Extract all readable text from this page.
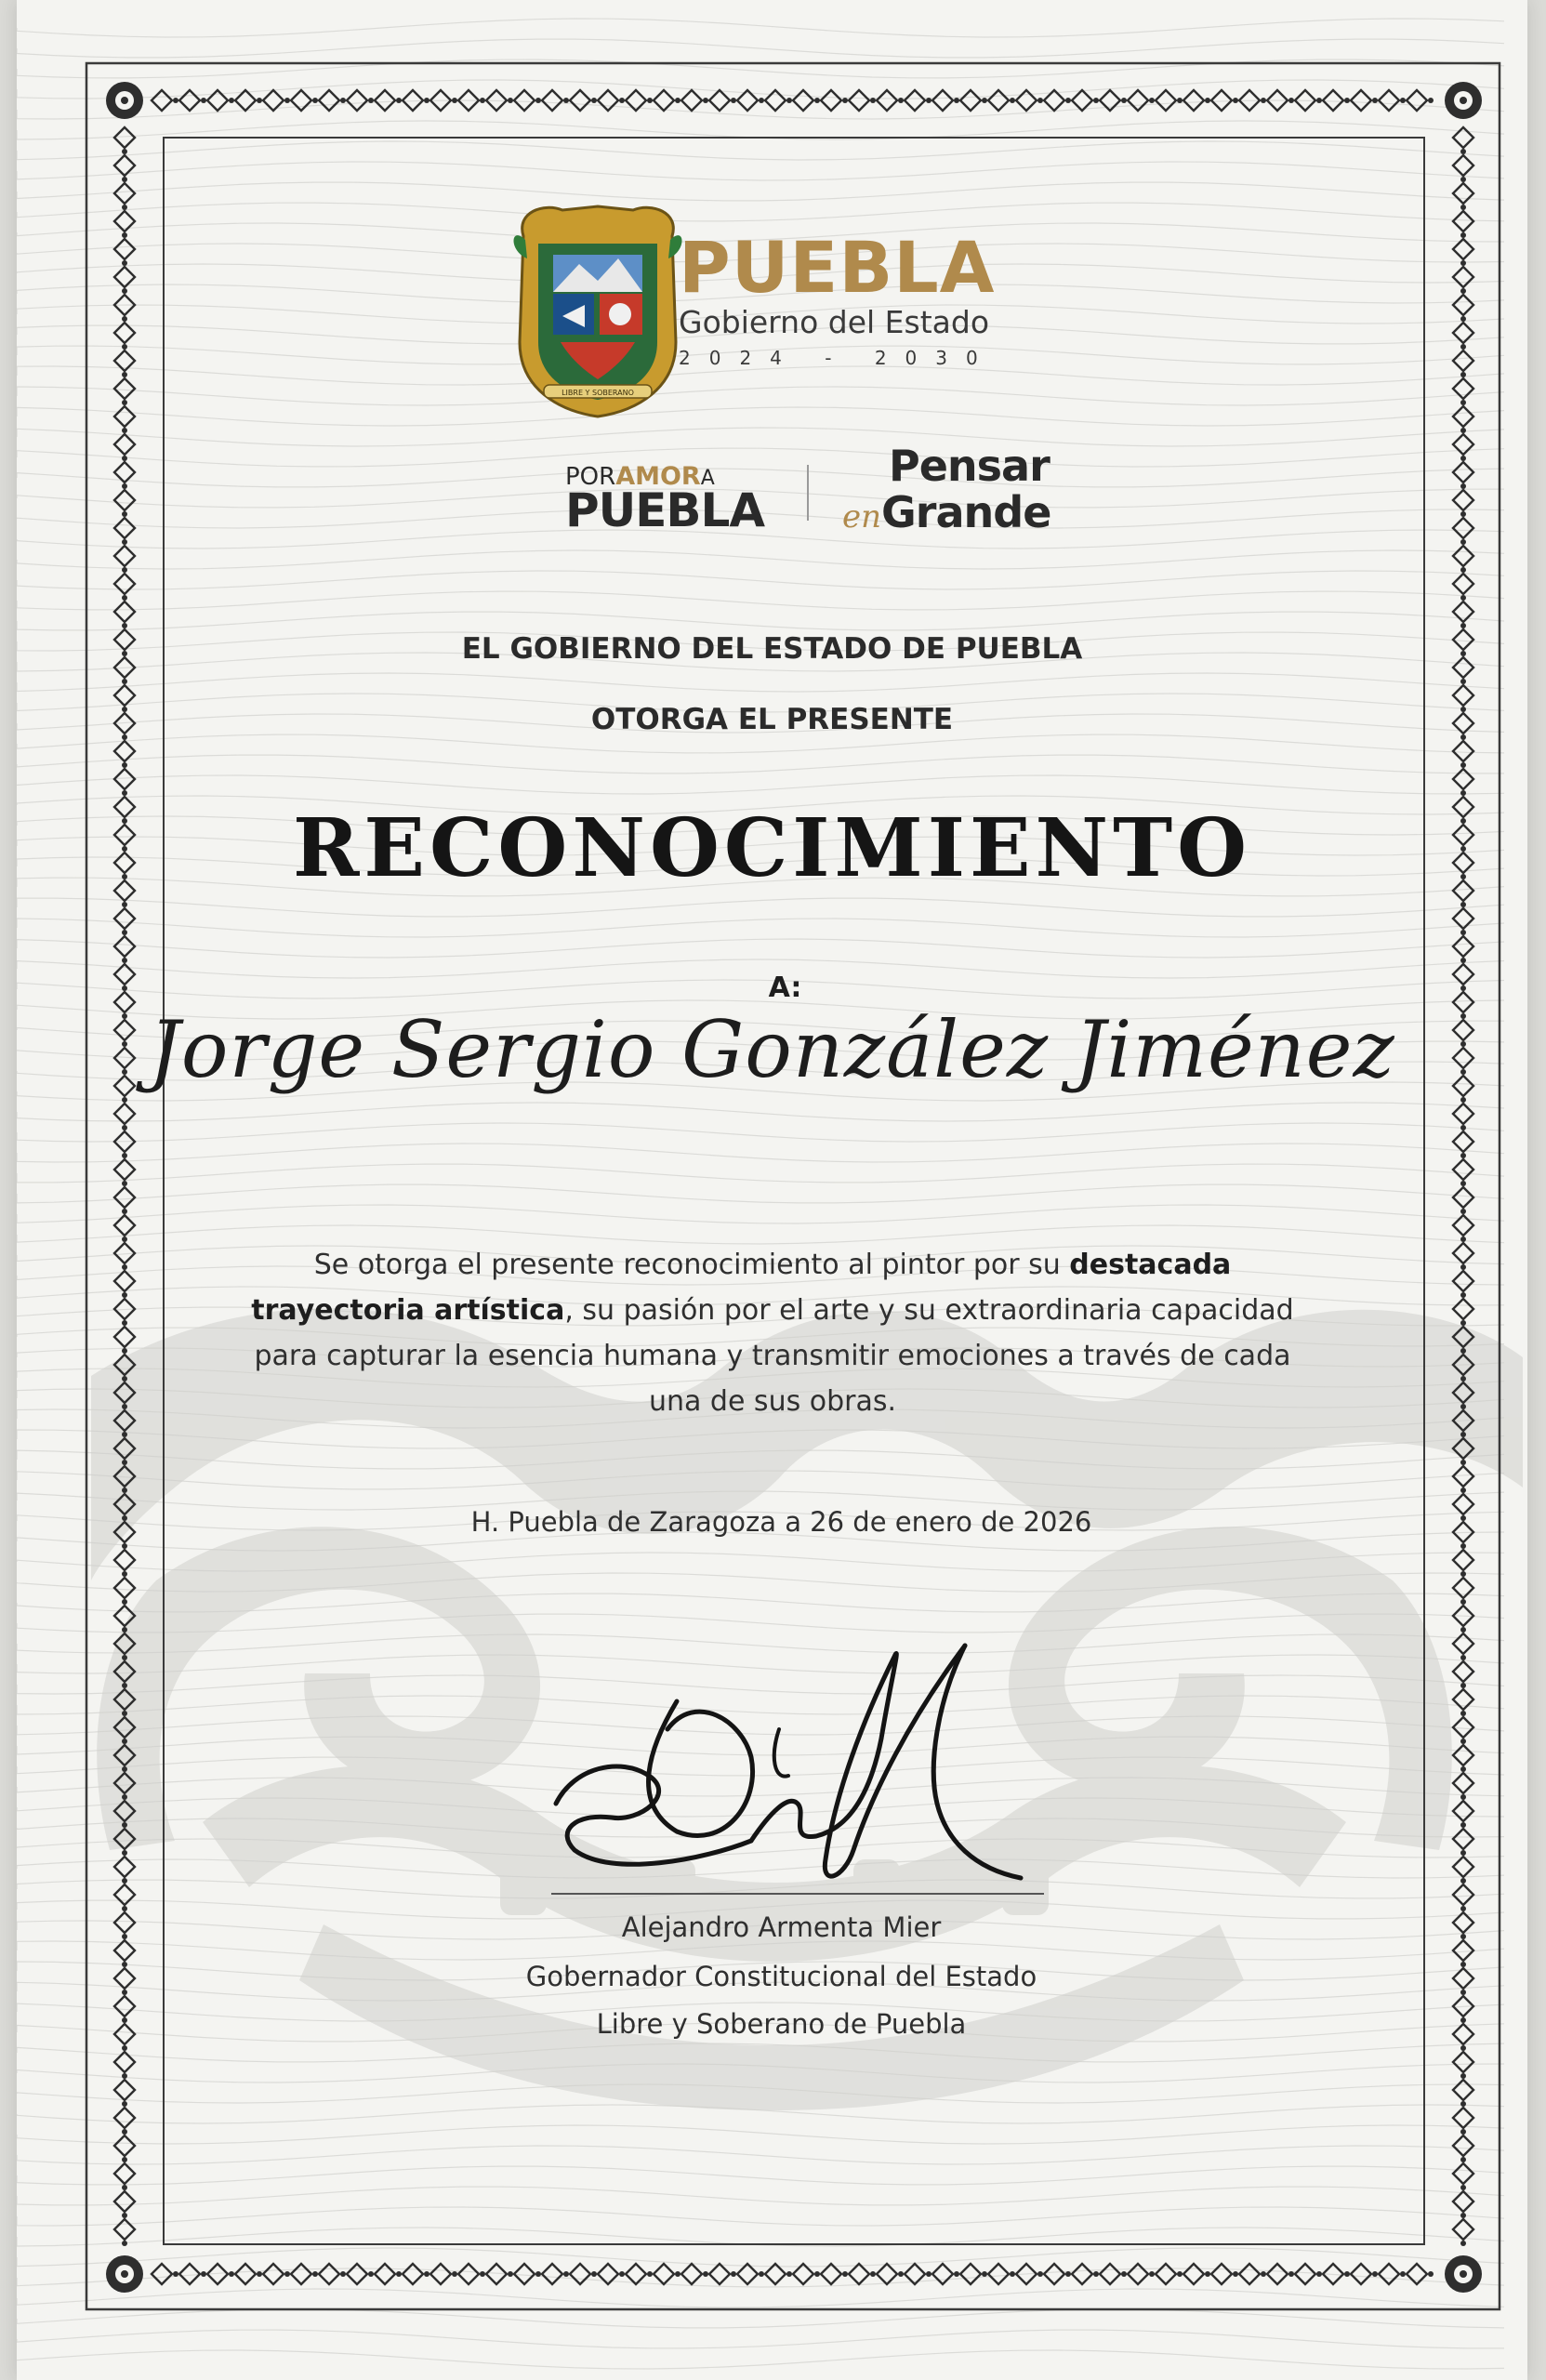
LIBRE Y SOBERANO
PUEBLA
Gobierno del Estado
2024 - 2030
PORAMORA
PUEBLA
Pensar
enGrande
EL GOBIERNO DEL ESTADO DE PUEBLA
OTORGA EL PRESENTE
RECONOCIMIENTO
A:
Jorge Sergio González Jiménez
Se otorga el presente reconocimiento al pintor por su destacada trayectoria artística, su pasión por el arte y su extraordinaria capacidad para capturar la esencia humana y transmitir emociones a través de cada una de sus obras.
H. Puebla de Zaragoza a 26 de enero de 2026
Alejandro Armenta Mier
Gobernador Constitucional del Estado
Libre y Soberano de Puebla
